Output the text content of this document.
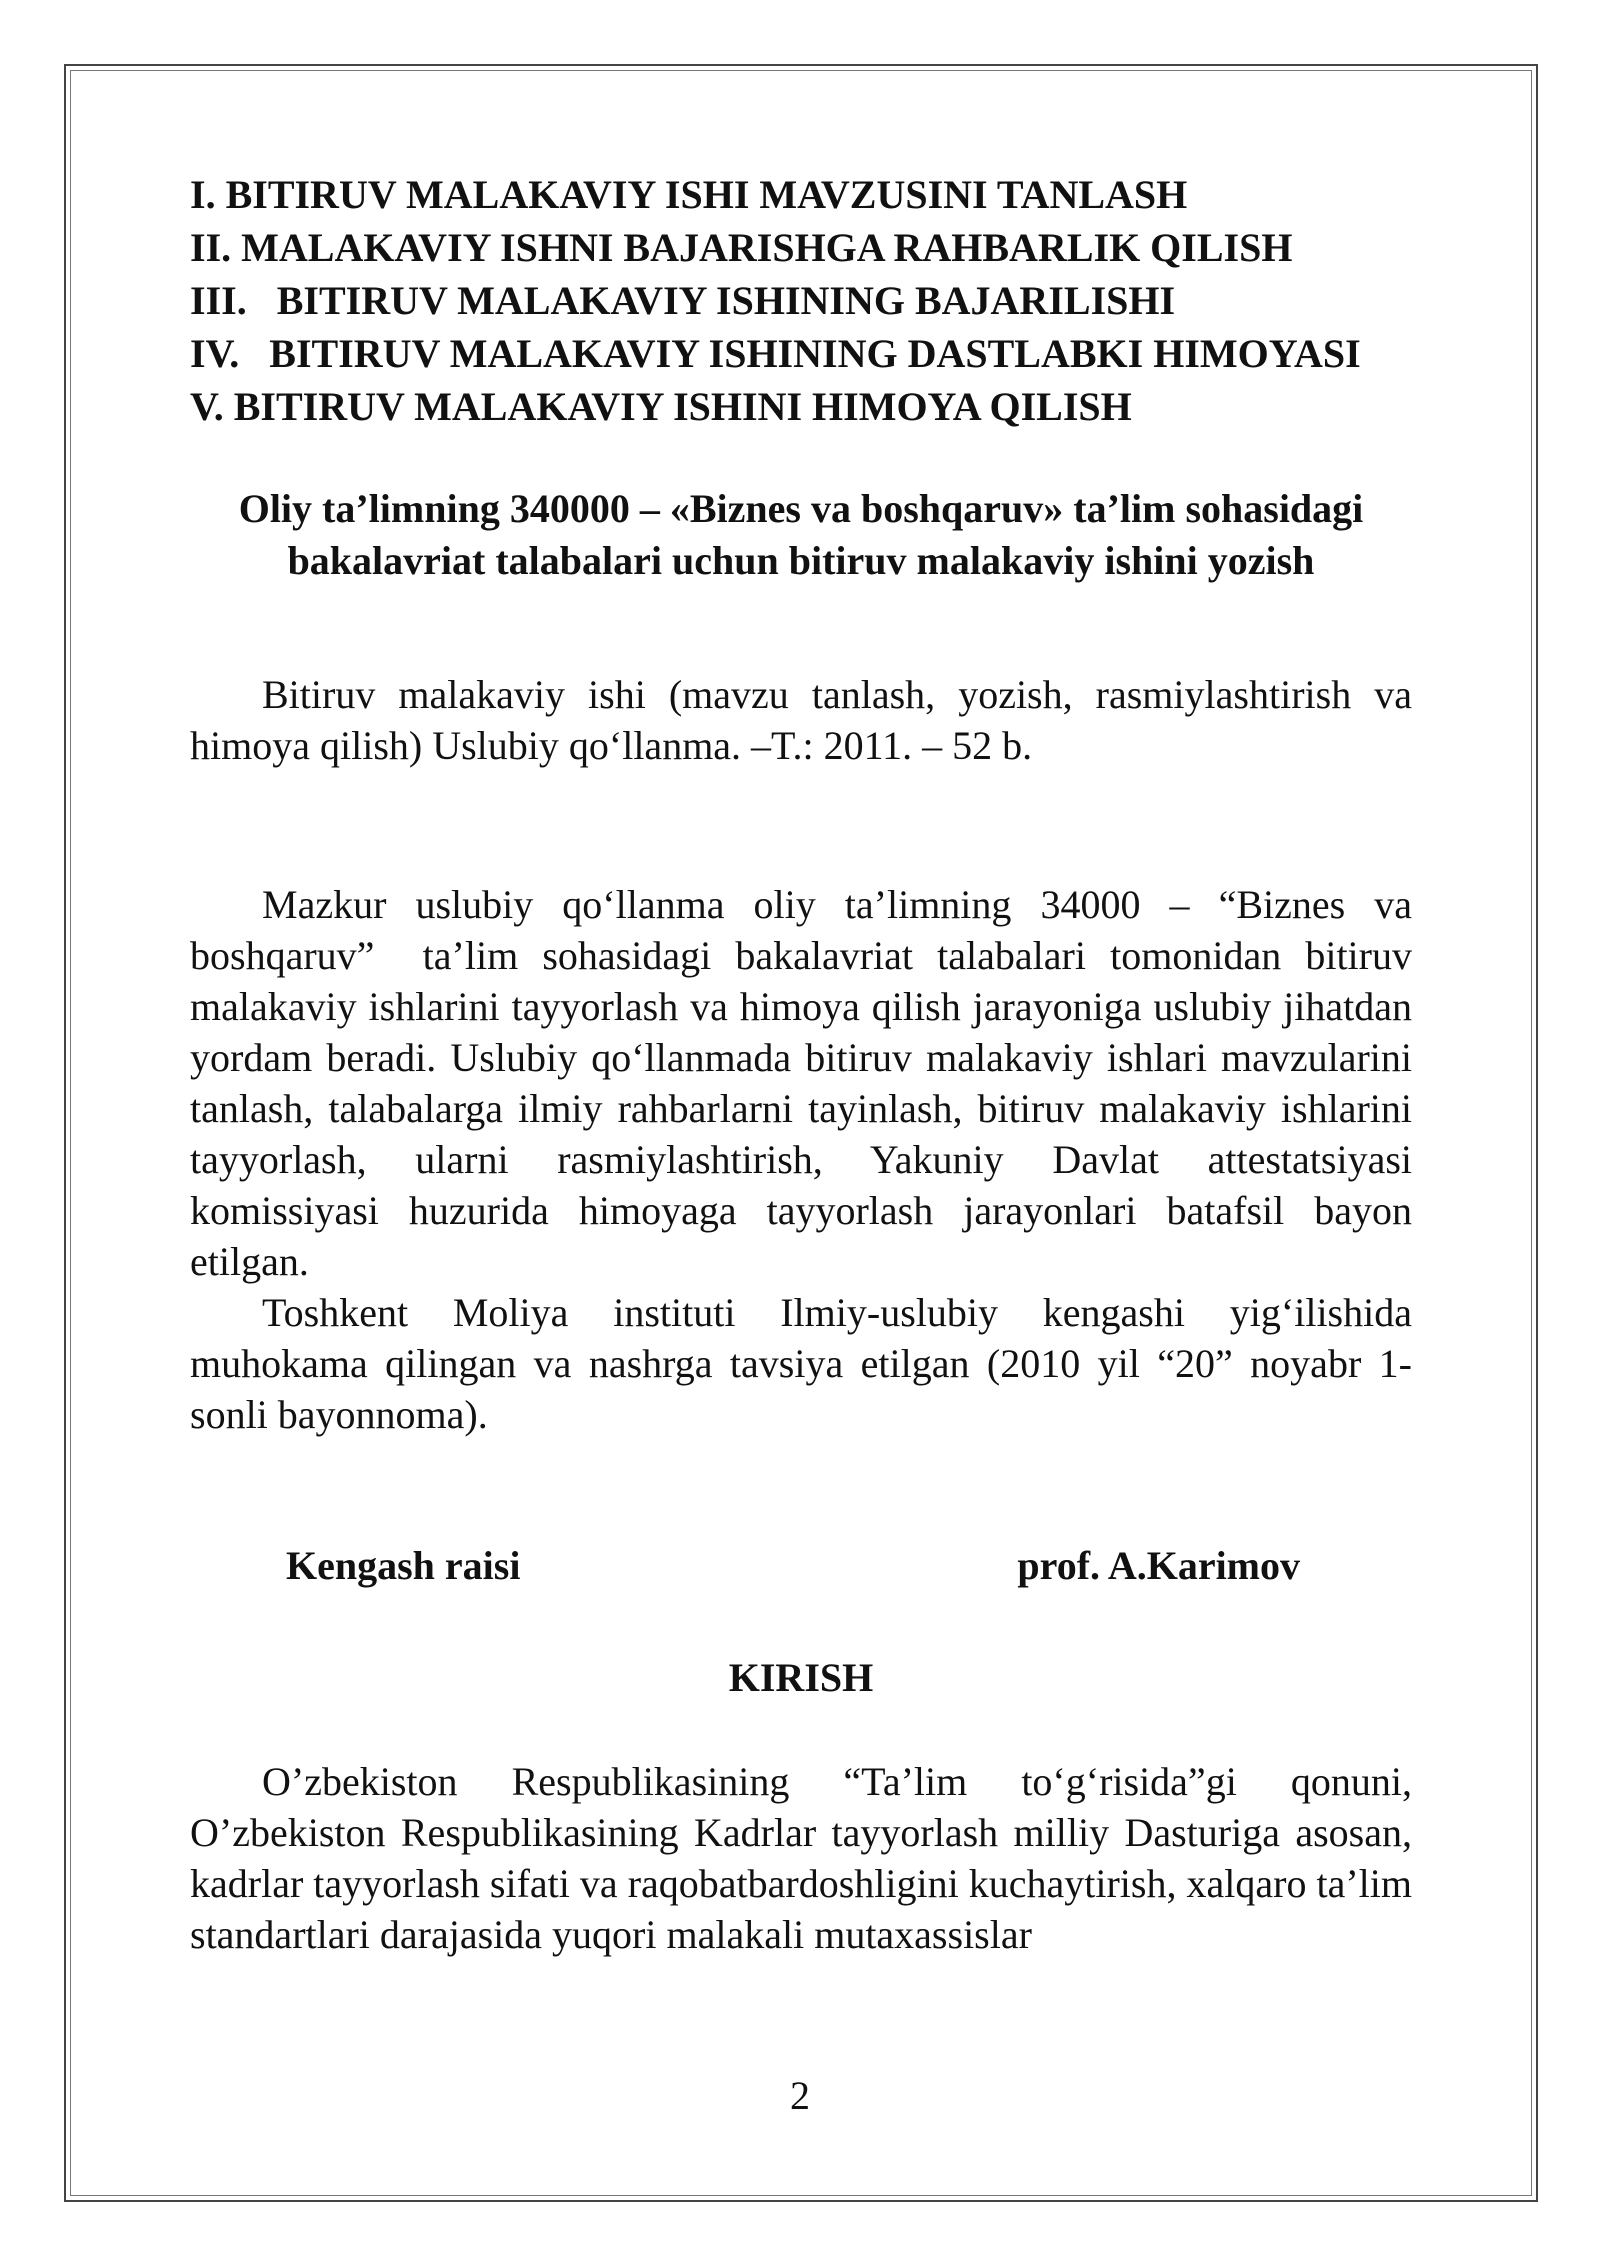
I. BITIRUV MALAKAVIY ISHI MAVZUSINI TANLASH
II. MALAKAVIY ISHNI BAJARISHGA RAHBARLIK QILISH
III.   BITIRUV MALAKAVIY ISHINING BAJARILISHI
IV.   BITIRUV MALAKAVIY ISHINING DASTLABKI HIMOYASI
V. BITIRUV MALAKAVIY ISHINI HIMOYA QILISH
Oliy ta’limning 340000 – «Biznes va boshqaruv» ta’lim sohasidagi bakalavriat talabalari uchun bitiruv malakaviy ishini yozish

Bitiruv malakaviy ishi (mavzu tanlash, yozish, rasmiylashtirish va himoya qilish) Uslubiy qo‘llanma. –T.: 2011. – 52 b.

Mazkur uslubiy qo‘llanma oliy ta’limning 34000 – “Biznes va boshqaruv”  ta’lim sohasidagi bakalavriat talabalari tomonidan bitiruv malakaviy ishlarini tayyorlash va himoya qilish jarayoniga uslubiy jihatdan yordam beradi. Uslubiy qo‘llanmada bitiruv malakaviy ishlari mavzularini tanlash, talabalarga ilmiy rahbarlarni tayinlash, bitiruv malakaviy ishlarini tayyorlash, ularni rasmiylashtirish, Yakuniy Davlat attestatsiyasi komissiyasi huzurida himoyaga tayyorlash jarayonlari batafsil bayon etilgan.

Toshkent Moliya instituti Ilmiy-uslubiy kengashi yig‘ilishida muhokama qilingan va nashrga tavsiya etilgan (2010 yil “20” noyabr 1-sonli bayonnoma).

Kengash raisi	prof. A.Karimov
KIRISH

O’zbekiston Respublikasining “Ta’lim to‘g‘risida”gi qonuni, O’zbekiston Respublikasining Kadrlar tayyorlash milliy Dasturiga asosan, kadrlar tayyorlash sifati va raqobatbardoshligini kuchaytirish, xalqaro ta’lim standartlari darajasida yuqori malakali mutaxassislar

2
